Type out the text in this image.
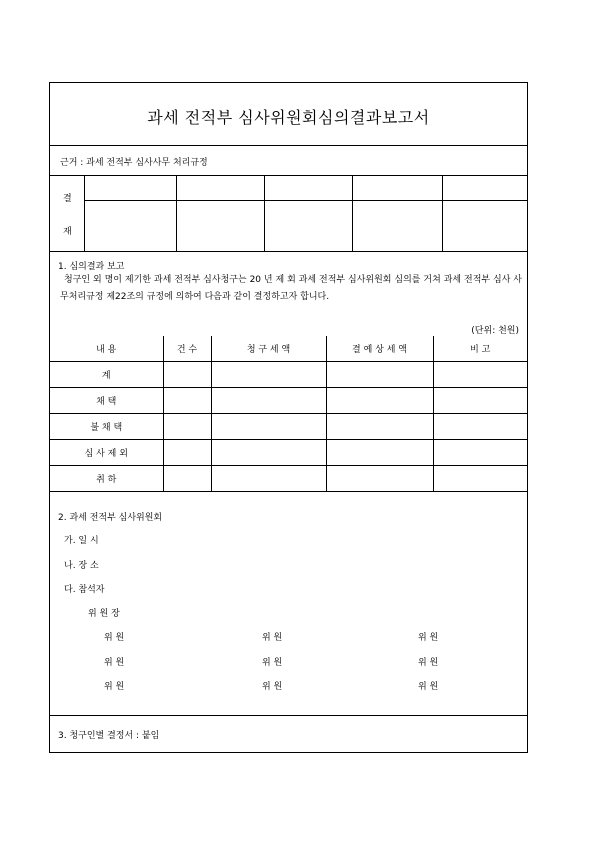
과세 전적부 심사위원회심의결과보고서
근거 : 과세 전적부 심사사무 처리규정
결
재
1. 심의결과 보고
청구인 외 명이 제기한 과세 전적부 심사청구는 20 년 제 회 과세 전적부 심사위원회 심의를 거쳐 과세 전적부 심사 사무처리규정 제22조의 규정에 의하여 다음과 같이 결정하고자 합니다.
(단위: 천원)
내 용	건 수	청 구 세 액	결 예 상 세 액	비 고
계				
채 택				
불 채 택				
심 사 제 외				
취 하				
2. 과세 전적부 심사위원회
가. 일 시
나. 장 소
다. 참석자
위 원 장
위 원	위 원	위 원
위 원	위 원	위 원
위 원	위 원	위 원
3. 청구인별 결정서 : 붙임
